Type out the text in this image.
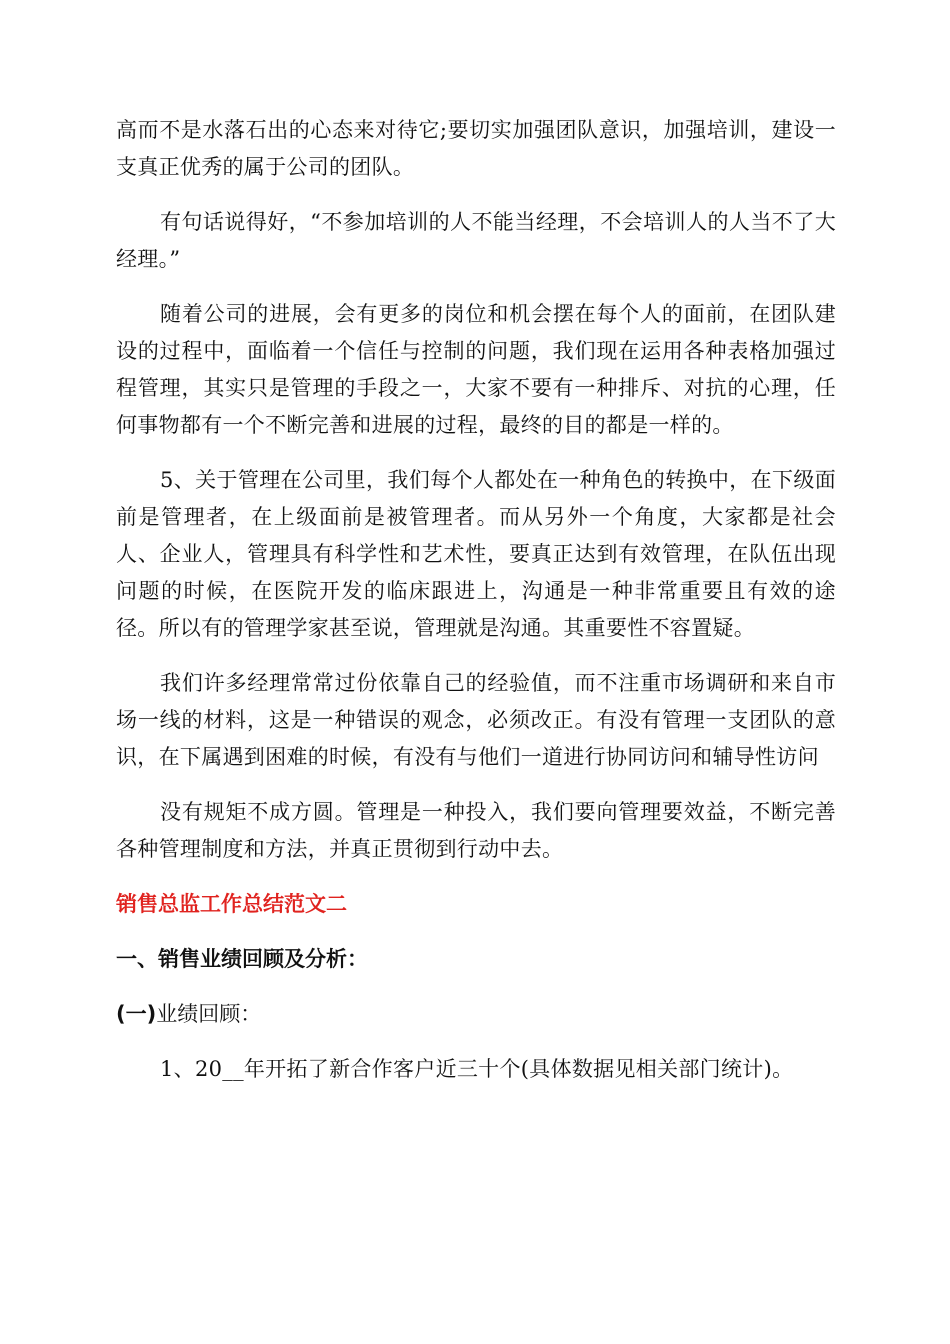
高而不是水落石出的心态来对待它;要切实加强团队意识，加强培训，建设一支真正优秀的属于公司的团队。

有句话说得好，“不参加培训的人不能当经理，不会培训人的人当不了大经理。”

随着公司的进展，会有更多的岗位和机会摆在每个人的面前，在团队建设的过程中，面临着一个信任与控制的问题，我们现在运用各种表格加强过程管理，其实只是管理的手段之一，大家不要有一种排斥、对抗的心理，任何事物都有一个不断完善和进展的过程，最终的目的都是一样的。

5、关于管理在公司里，我们每个人都处在一种角色的转换中，在下级面前是管理者，在上级面前是被管理者。而从另外一个角度，大家都是社会人、企业人，管理具有科学性和艺术性，要真正达到有效管理，在队伍出现问题的时候，在医院开发的临床跟进上，沟通是一种非常重要且有效的途径。所以有的管理学家甚至说，管理就是沟通。其重要性不容置疑。

我们许多经理常常过份依靠自己的经验值，而不注重市场调研和来自市场一线的材料，这是一种错误的观念，必须改正。有没有管理一支团队的意识，在下属遇到困难的时候，有没有与他们一道进行协同访问和辅导性访问

没有规矩不成方圆。管理是一种投入，我们要向管理要效益，不断完善各种管理制度和方法，并真正贯彻到行动中去。

销售总监工作总结范文二
一、销售业绩回顾及分析：
(一)业绩回顾：

1、20__年开拓了新合作客户近三十个(具体数据见相关部门统计)。
